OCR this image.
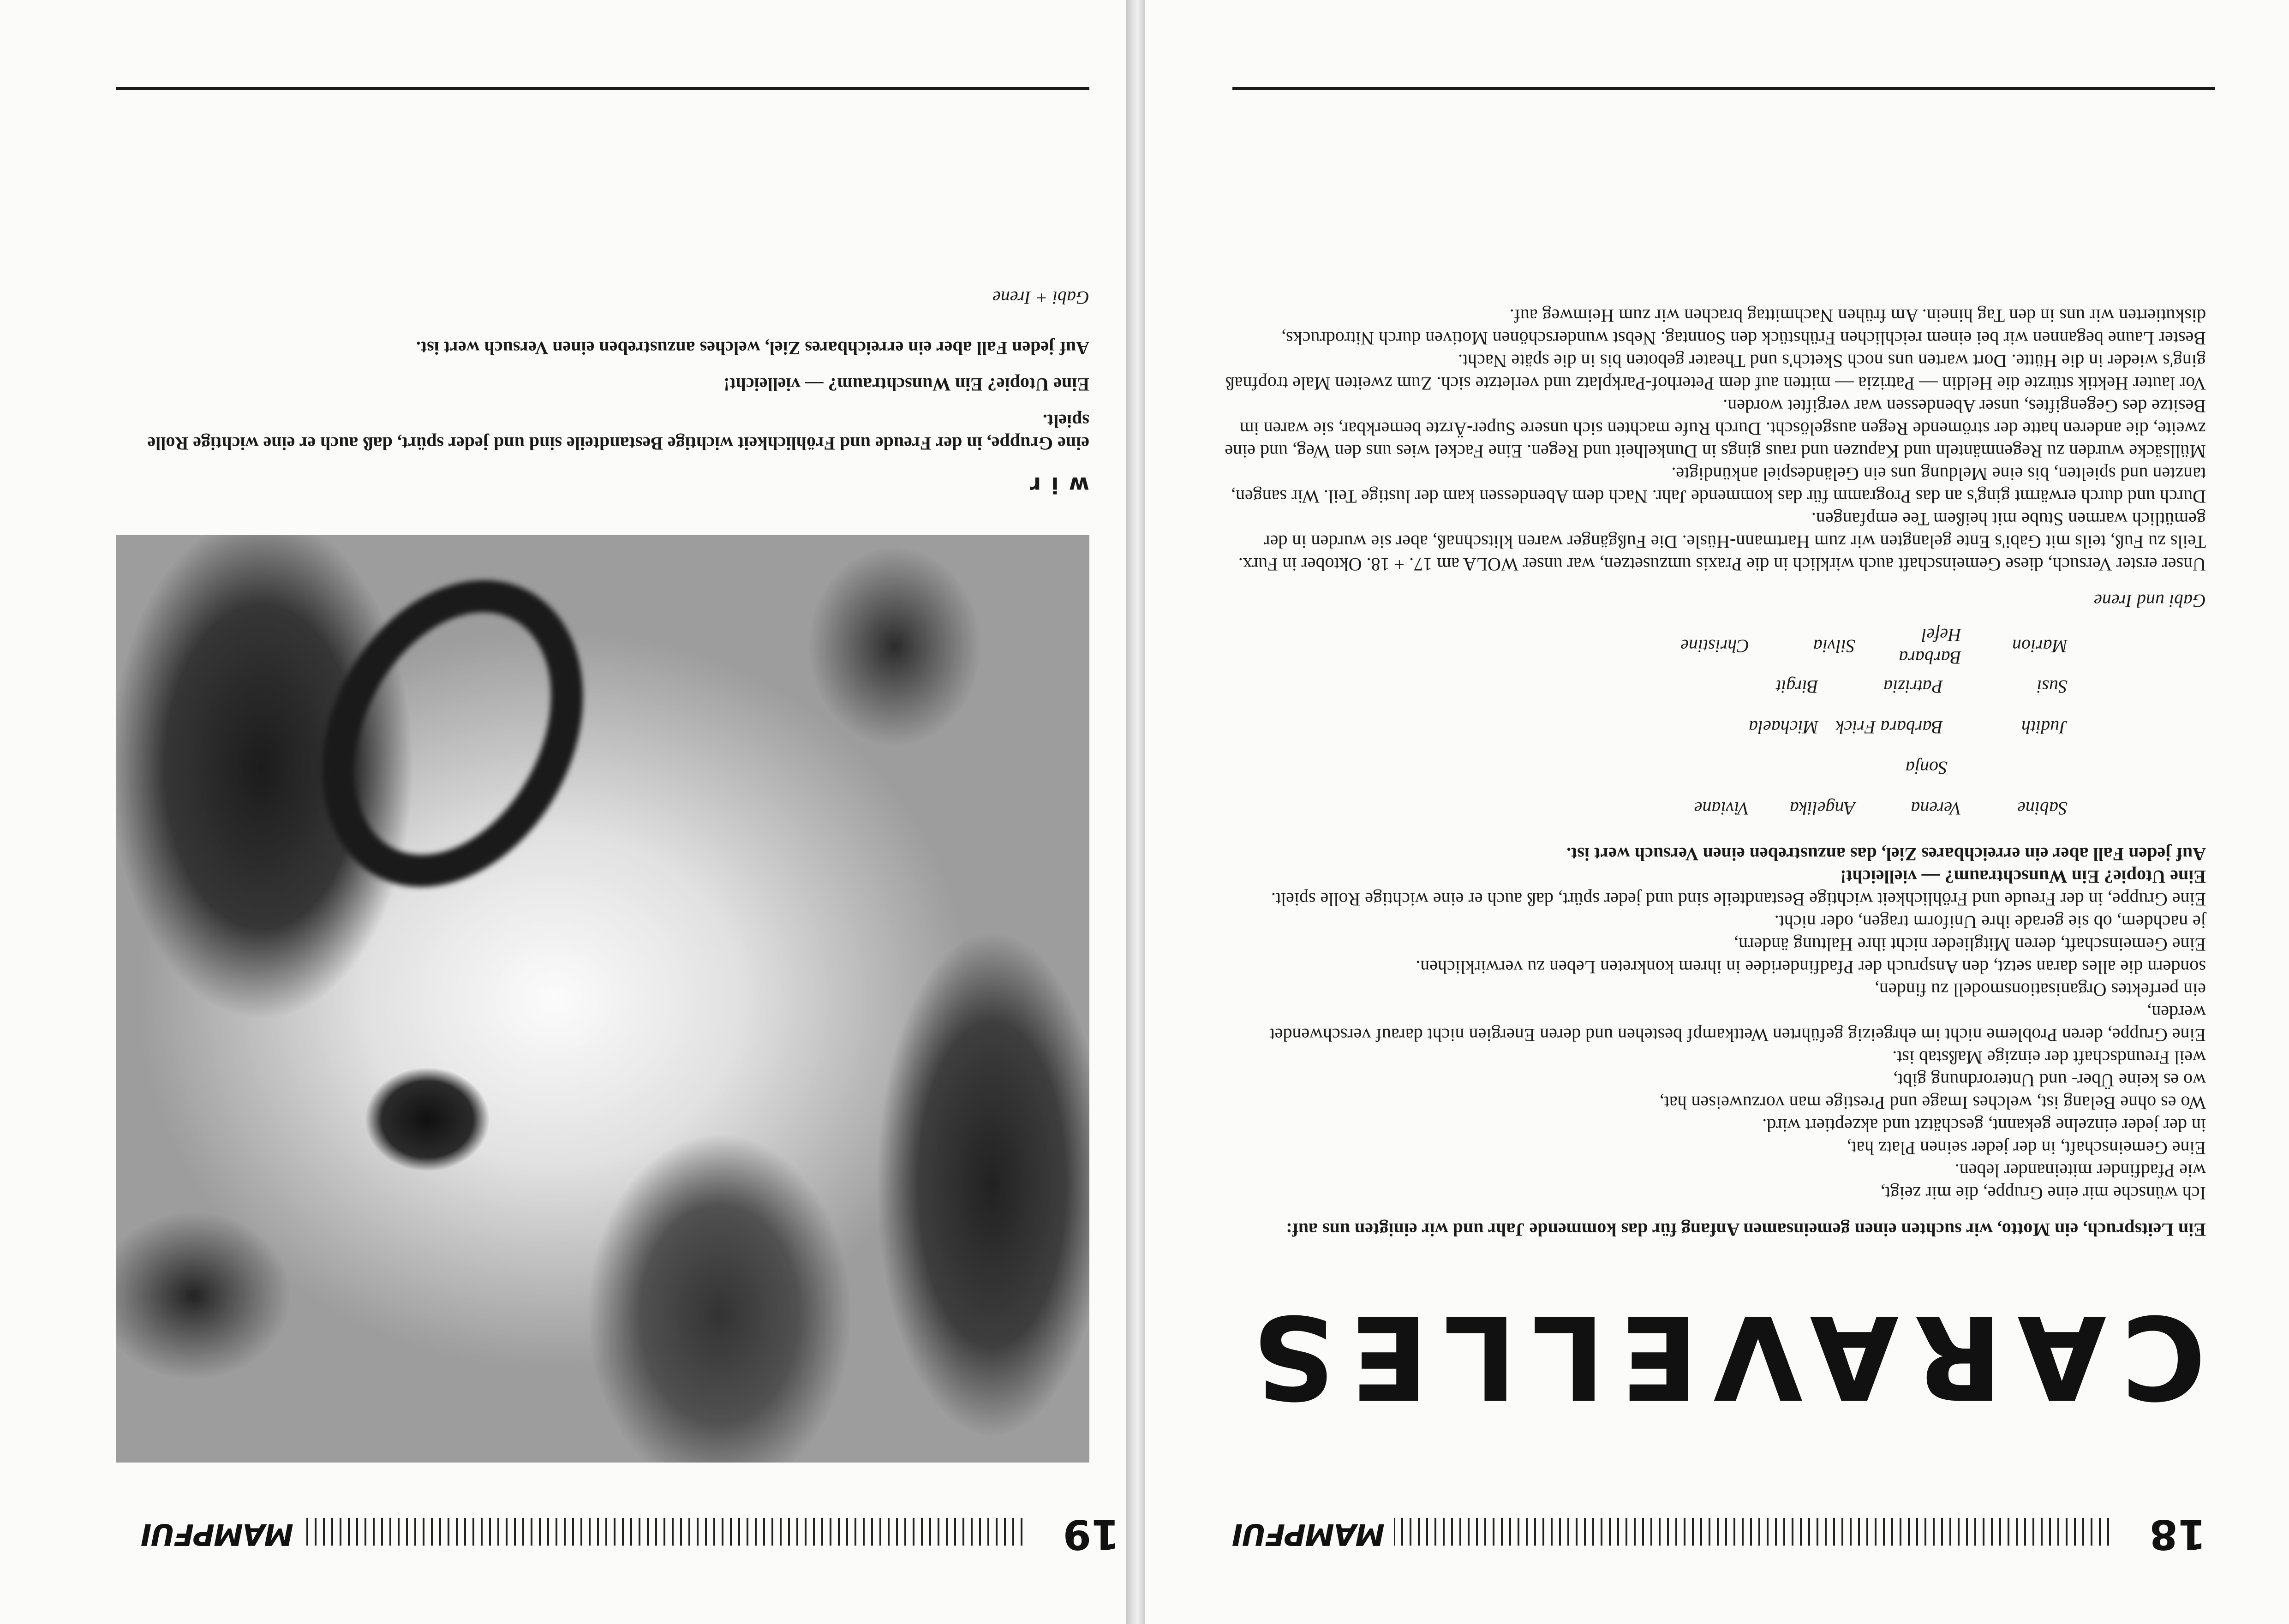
18
MAMPFUI
CARAVELLES

Ein Leitspruch, ein Motto, wir suchten einen gemeinsamen Anfang für das kommende Jahr und wir einigten uns auf:

Ich wünsche mir eine Gruppe, die mir zeigt,

wie Pfadfinder miteinander leben.

Eine Gemeinschaft, in der jeder seinen Platz hat,

in der jeder einzelne gekannt, geschätzt und akzeptiert wird.

Wo es ohne Belang ist, welches Image und Prestige man vorzuweisen hat,

wo es keine Über- und Unterordnung gibt,

weil Freundschaft der einzige Maßstab ist.

Eine Gruppe, deren Probleme nicht im ehrgeizig geführten Wettkampf bestehen und deren Energien nicht darauf verschwendet werden,

ein perfektes Organisationsmodell zu finden,

sondern die alles daran setzt, den Anspruch der Pfadfinderidee in ihrem konkreten Leben zu verwirklichen.

Eine Gemeinschaft, deren Mitglieder nicht ihre Haltung ändern,

je nachdem, ob sie gerade ihre Uniform tragen, oder nicht.

Eine Gruppe, in der Freude und Fröhlichkeit wichtige Bestandteile sind und jeder spürt, daß auch er eine wichtige Rolle spielt.

Eine Utopie? Ein Wunschtraum? — vielleicht!

Auf jeden Fall aber ein erreichbares Ziel, das anzustreben einen Versuch wert ist.

Sabine
Verena
Angelika
Viviane
Sonja
Judith
Barbara Frick
Michaela
Susi
Patrizia
Birgit
Marion
Barbara Hefel
Silvia
Christine

Gabi und Irene

Unser erster Versuch, diese Gemeinschaft auch wirklich in die Praxis umzusetzen, war unser WOLA am 17. + 18. Oktober in Furx. Teils zu Fuß, teils mit Gabi's Ente gelangten wir zum Hartmann-Hüsle. Die Fußgänger waren klitschnaß, aber sie wurden in der gemütlich warmen Stube mit heißem Tee empfangen.

Durch und durch erwärmt ging's an das Programm für das kommende Jahr. Nach dem Abendessen kam der lustige Teil. Wir sangen, tanzten und spielten, bis eine Meldung uns ein Geländespiel ankündigte.

Müllsäcke wurden zu Regenmänteln und Kapuzen und raus gings in Dunkelheit und Regen. Eine Fackel wies uns den Weg, und eine zweite, die anderen hatte der strömende Regen ausgelöscht. Durch Rufe machten sich unsere Super-Ärzte bemerkbar, sie waren im Besitze des Gegengiftes, unser Abendessen war vergiftet worden.

Vor lauter Hektik stürzte die Heldin — Patrizia — mitten auf dem Peterhof-Parkplatz und verletzte sich. Zum zweiten Male tropfnaß ging's wieder in die Hütte. Dort warten uns noch Sketch's und Theater geboten bis in die späte Nacht.

Bester Laune begannen wir bei einem reichlichen Frühstück den Sonntag. Nebst wunderschönen Motiven durch Nitrodrucks, diskutierten wir uns in den Tag hinein. Am frühen Nachmittag brachen wir zum Heimweg auf.

19
MAMPFUI

wir

eine Gruppe, in der Freude und Fröhlichkeit wichtige Bestandteile sind und jeder spürt, daß auch er eine wichtige Rolle spielt.

Eine Utopie? Ein Wunschtraum? — vielleicht!

Auf jeden Fall aber ein erreichbares Ziel, welches anzustreben einen Versuch wert ist.

Gabi + Irene
